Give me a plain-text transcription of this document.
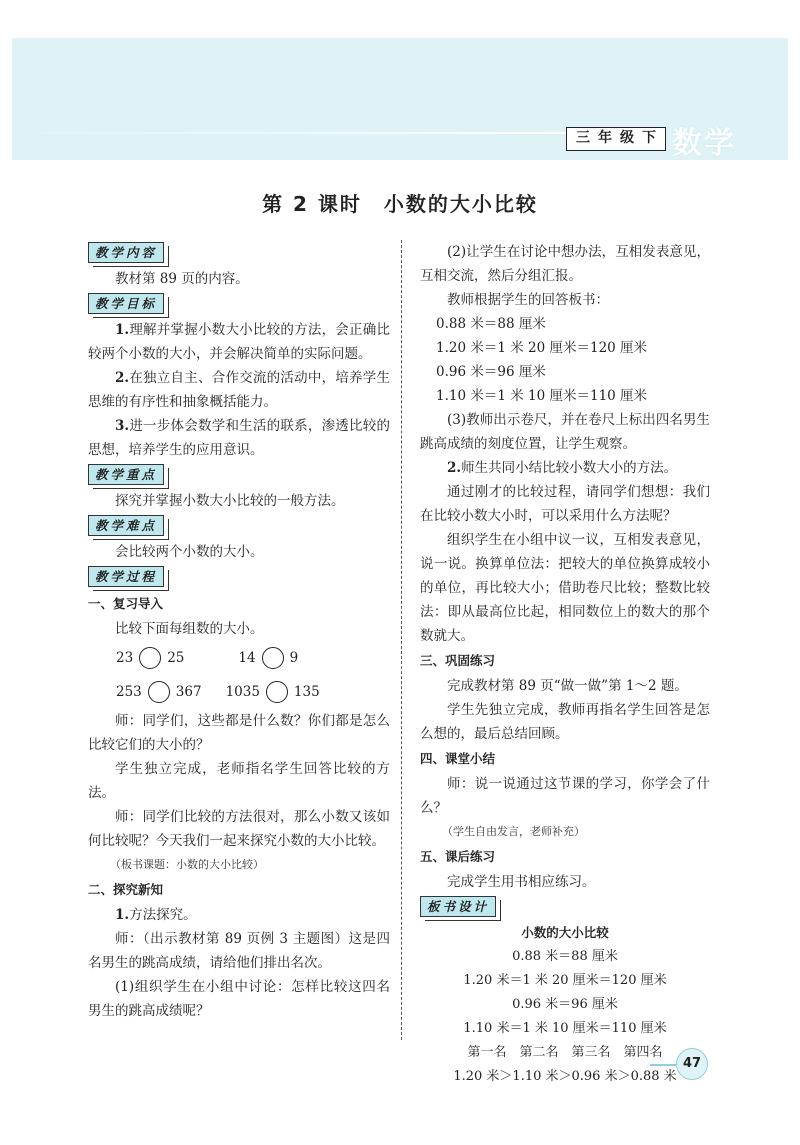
三年级下 数学
第 2 课时　小数的大小比较
教学内容

教材第 89 页的内容。

教学目标

1.理解并掌握小数大小比较的方法，会正确比较两个小数的大小，并会解决简单的实际问题。

2.在独立自主、合作交流的活动中，培养学生思维的有序性和抽象概括能力。

3.进一步体会数学和生活的联系，渗透比较的思想，培养学生的应用意识。

教学重点

探究并掌握小数大小比较的一般方法。

教学难点

会比较两个小数的大小。

教学过程

一、复习导入

比较下面每组数的大小。

23	25	14	9
253	367 1035	135

师：同学们，这些都是什么数？你们都是怎么比较它们的大小的？

学生独立完成，老师指名学生回答比较的方法。

师：同学们比较的方法很对，那么小数又该如何比较呢？今天我们一起来探究小数的大小比较。

（板书课题：小数的大小比较）

二、探究新知

1.方法探究。

师：（出示教材第 89 页例 3 主题图）这是四名男生的跳高成绩，请给他们排出名次。

(1)组织学生在小组中讨论：怎样比较这四名男生的跳高成绩呢？

(2)让学生在讨论中想办法，互相发表意见，互相交流，然后分组汇报。

教师根据学生的回答板书：

0.88 米＝88 厘米

1.20 米＝1 米 20 厘米＝120 厘米

0.96 米＝96 厘米

1.10 米＝1 米 10 厘米＝110 厘米

(3)教师出示卷尺，并在卷尺上标出四名男生跳高成绩的刻度位置，让学生观察。

2.师生共同小结比较小数大小的方法。

通过刚才的比较过程，请同学们想想：我们在比较小数大小时，可以采用什么方法呢？

组织学生在小组中议一议，互相发表意见，说一说。换算单位法：把较大的单位换算成较小的单位，再比较大小；借助卷尺比较；整数比较法：即从最高位比起，相同数位上的数大的那个数就大。

三、巩固练习

完成教材第 89 页“做一做”第 1～2 题。

学生先独立完成，教师再指名学生回答是怎么想的，最后总结回顾。

四、课堂小结

师：说一说通过这节课的学习，你学会了什么？

（学生自由发言，老师补充）

五、课后练习

完成学生用书相应练习。

板书设计

小数的大小比较

0.88 米＝88 厘米

1.20 米＝1 米 20 厘米＝120 厘米

0.96 米＝96 厘米

1.10 米＝1 米 10 厘米＝110 厘米

第一名　第二名　第三名　第四名

1.20 米＞1.10 米＞0.96 米＞0.88 米

47
